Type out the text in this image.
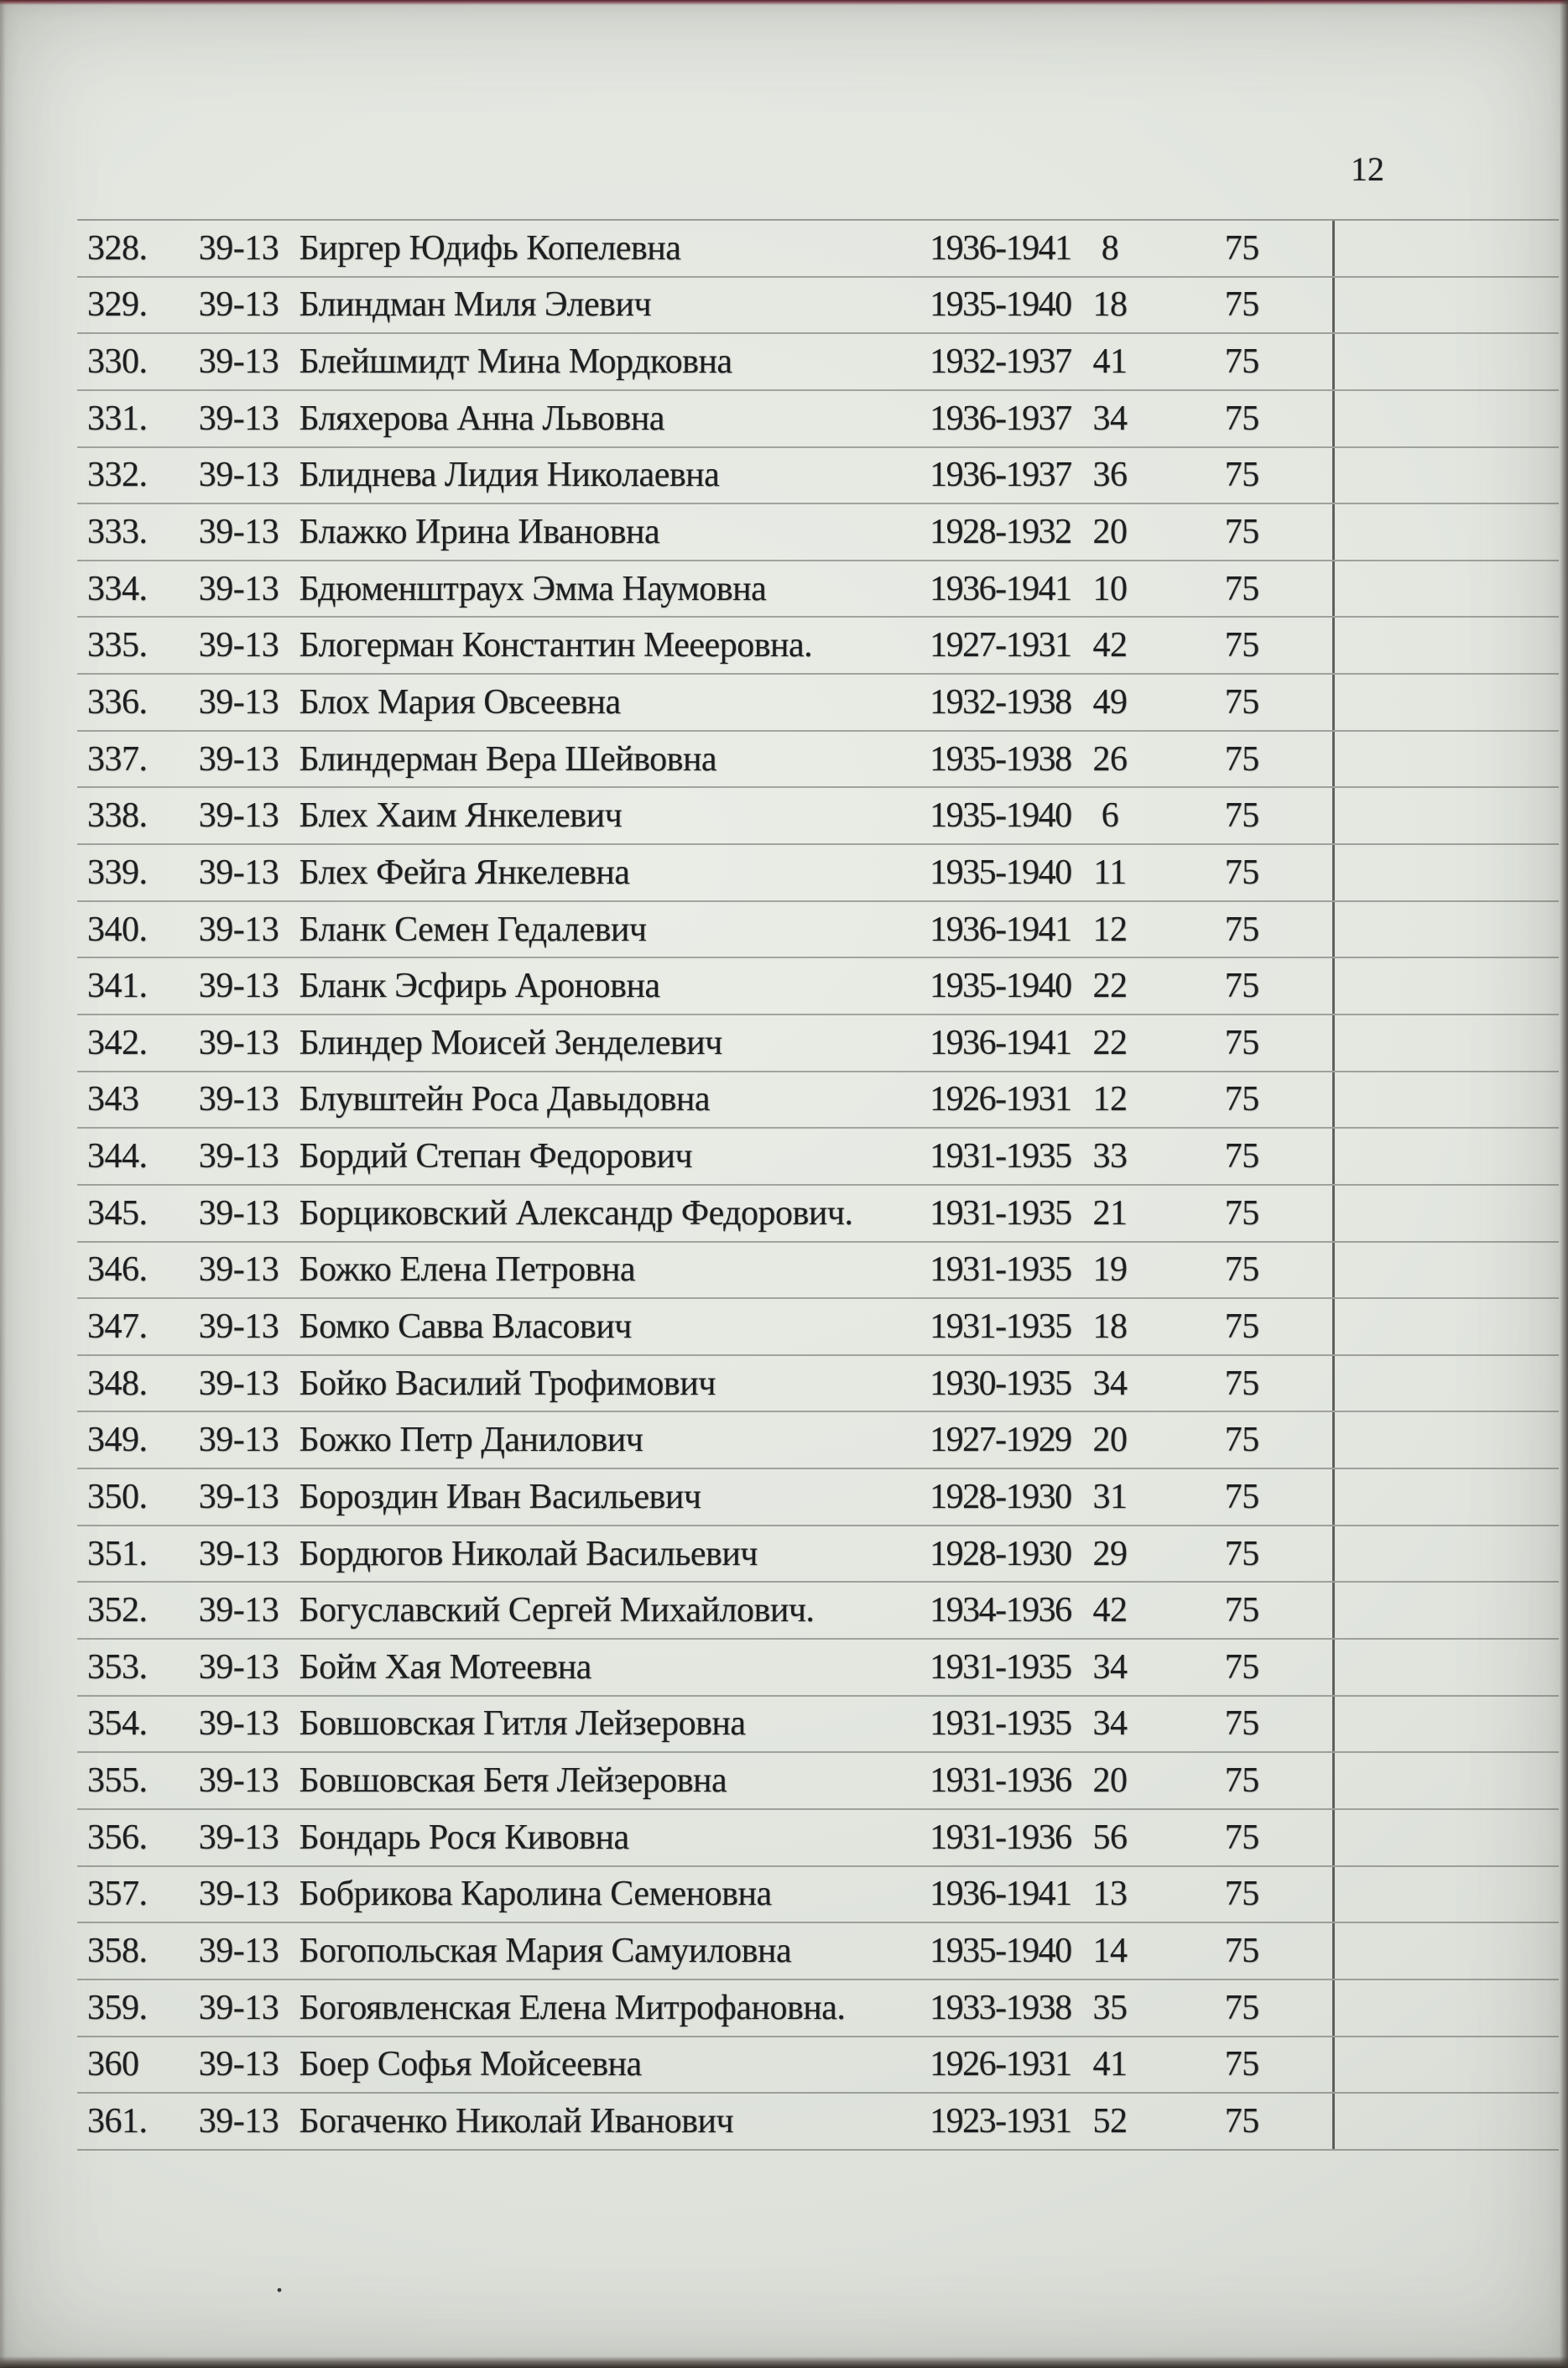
12
328.	39-13 Биргер Юдифь Копелевна	1936-1941 8	75
329.	39-13 Блиндман Миля Элевич	1935-1940 18	75
330.	39-13 Блейшмидт Мина Мордковна	1932-1937 41	75
331.	39-13 Бляхерова Анна Львовна	1936-1937 34	75
332.	39-13 Блиднева Лидия Николаевна	1936-1937 36	75
333.	39-13 Блажко Ирина Ивановна	1928-1932 20	75
334.	39-13 Бдюменштраух Эмма Наумовна	1936-1941 10	75
335.	39-13 Блогерман Константин Меееровна.	1927-1931 42	75
336.	39-13 Блох Мария Овсеевна	1932-1938 49	75
337.	39-13 Блиндерман Вера Шейвовна	1935-1938 26	75
338.	39-13 Блех Хаим Янкелевич	1935-1940 6	75
339.	39-13 Блех Фейга Янкелевна	1935-1940 11	75
340.	39-13 Бланк Семен Гедалевич	1936-1941 12	75
341.	39-13 Бланк Эсфирь Ароновна	1935-1940 22	75
342.	39-13 Блиндер Моисей Зенделевич	1936-1941 22	75
343	39-13 Блувштейн Роса Давыдовна	1926-1931 12	75
344.	39-13 Бордий Степан Федорович	1931-1935 33	75
345.	39-13 Борциковский Александр Федорович.	1931-1935 21	75
346.	39-13 Божко Елена Петровна	1931-1935 19	75
347.	39-13 Бомко Савва Власович	1931-1935 18	75
348.	39-13 Бойко Василий Трофимович	1930-1935 34	75
349.	39-13 Божко Петр Данилович	1927-1929 20	75
350.	39-13 Бороздин Иван Васильевич	1928-1930 31	75
351.	39-13 Бордюгов Николай Васильевич	1928-1930 29	75
352.	39-13 Богуславский Сергей Михайлович.	1934-1936 42	75
353.	39-13 Бойм Хая Мотеевна	1931-1935 34	75
354.	39-13 Бовшовская Гитля Лейзеровна	1931-1935 34	75
355.	39-13 Бовшовская Бетя Лейзеровна	1931-1936 20	75
356.	39-13 Бондарь Рося Кивовна	1931-1936 56	75
357.	39-13 Бобрикова Каролина Семеновна	1936-1941 13	75
358.	39-13 Богопольская Мария Самуиловна	1935-1940 14	75
359.	39-13 Богоявленская Елена Митрофановна.	1933-1938 35	75
360	39-13 Боер Софья Мойсеевна	1926-1931 41	75
361.	39-13 Богаченко Николай Иванович	1923-1931 52	75
.
